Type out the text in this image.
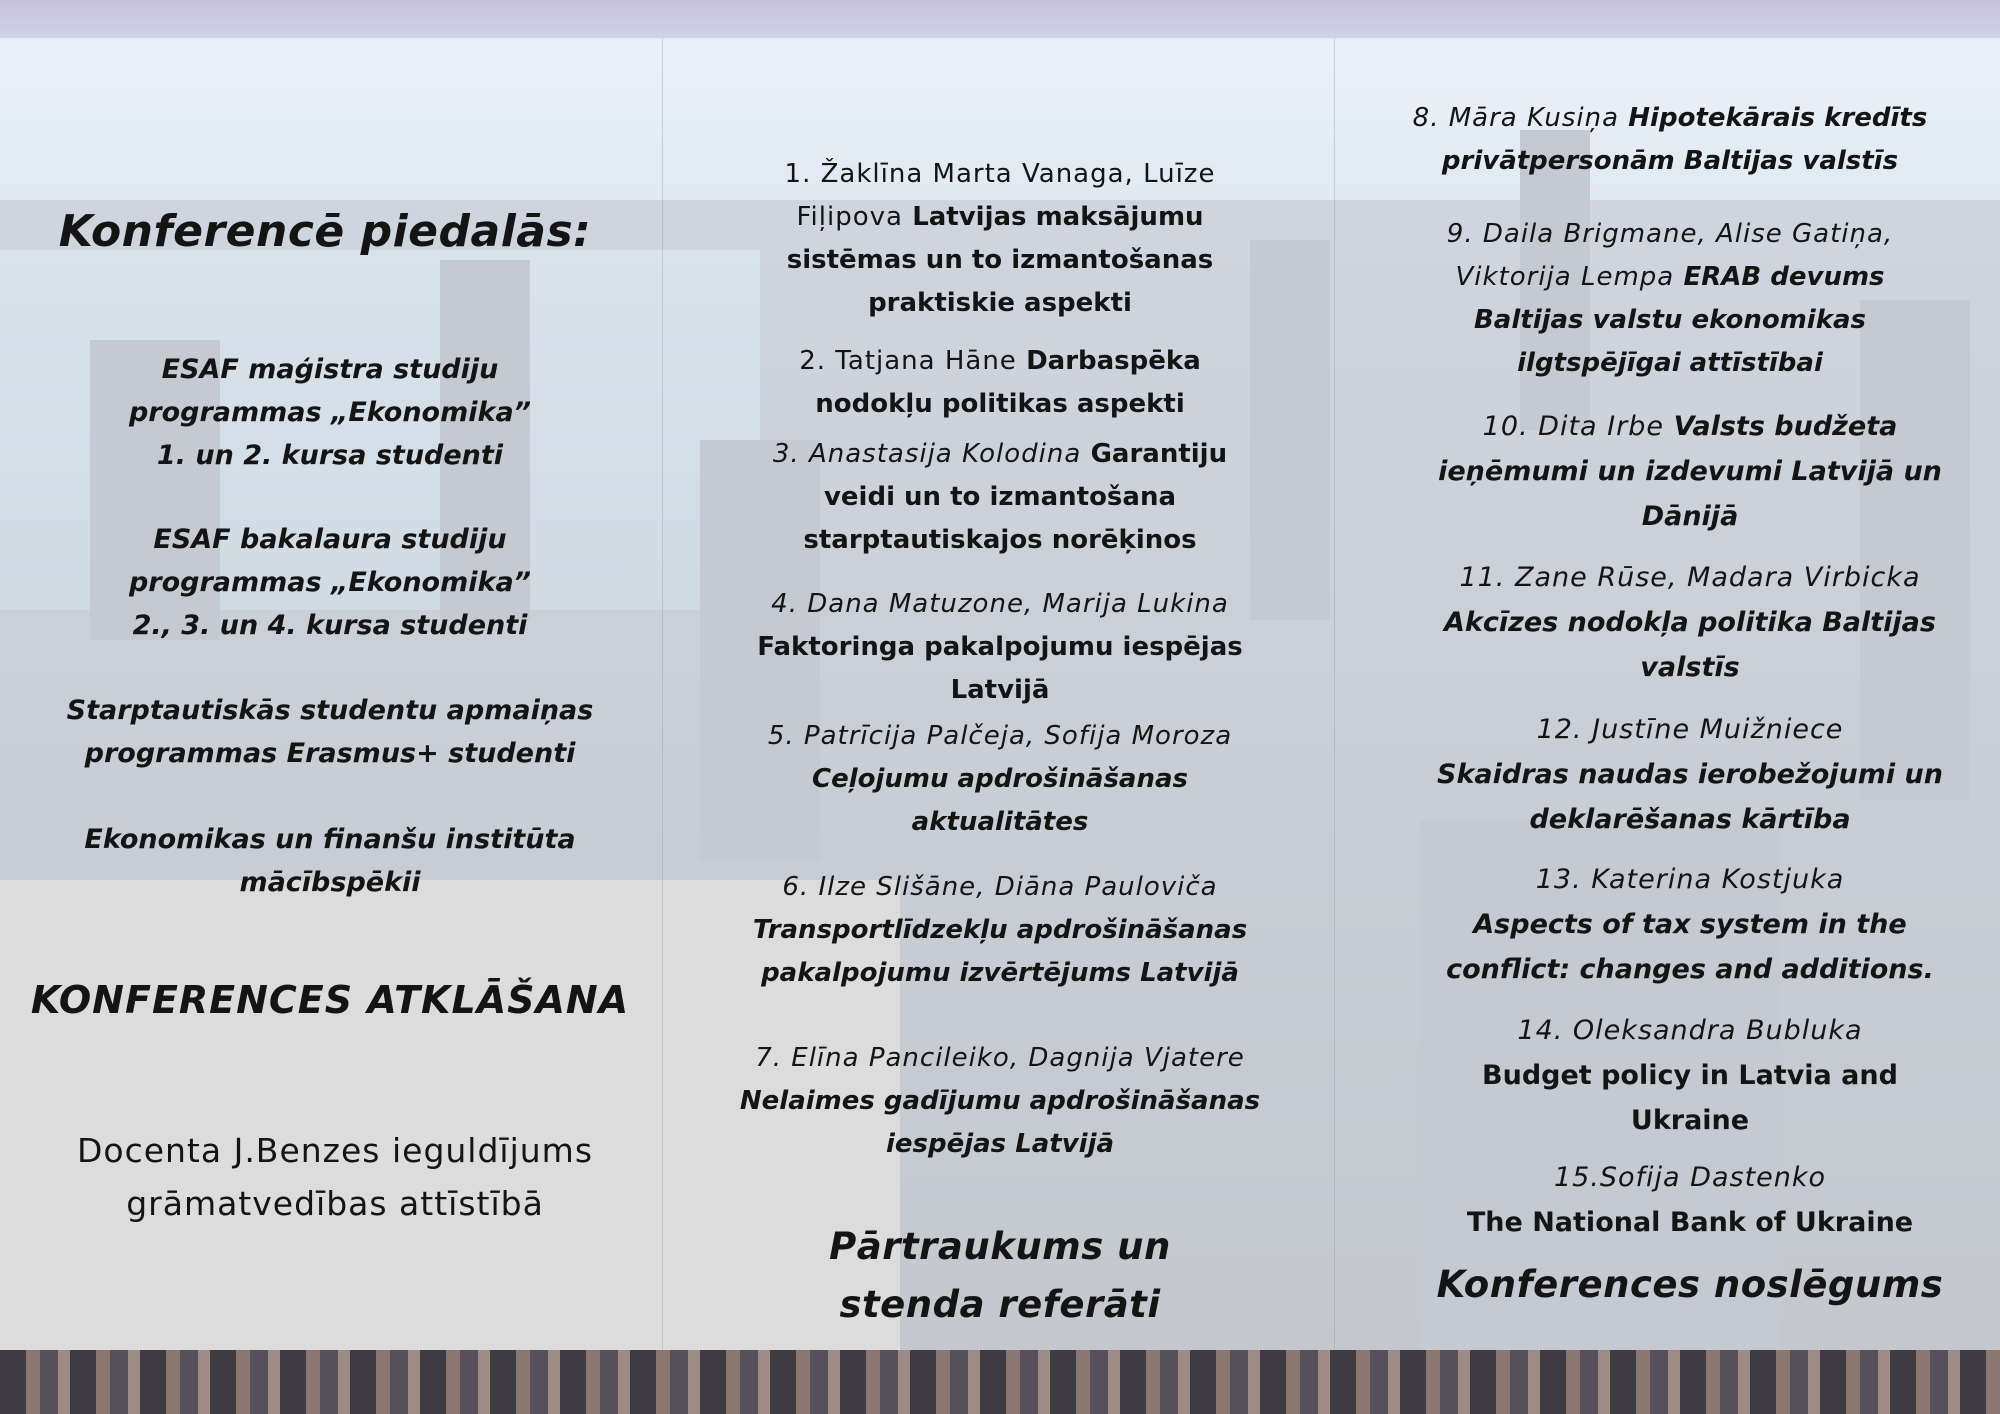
Konferencē piedalās:
ESAF maģistra studiju
programmas „Ekonomika”
1. un 2. kursa studenti
ESAF bakalaura studiju
programmas „Ekonomika”
2., 3. un 4. kursa studenti
Starptautiskās studentu apmaiņas
programmas Erasmus+ studenti
Ekonomikas un finanšu institūta
mācībspēkii
KONFERENCES ATKLĀŠANA
Docenta J.Benzes ieguldījums
grāmatvedības attīstībā
1. Žaklīna Marta Vanaga, Luīze
Fiļipova Latvijas maksājumu
sistēmas un to izmantošanas
praktiskie aspekti
2. Tatjana Hāne Darbaspēka
nodokļu politikas aspekti
3. Anastasija Kolodina Garantiju
veidi un to izmantošana
starptautiskajos norēķinos
4. Dana Matuzone, Marija Lukina
Faktoringa pakalpojumu iespējas
Latvijā
5. Patrīcija Palčeja, Sofija Moroza
Ceļojumu apdrošināšanas
aktualitātes
6. Ilze Slišāne, Diāna Pauloviča
Transportlīdzekļu apdrošināšanas
pakalpojumu izvērtējums Latvijā
7. Elīna Pancileiko, Dagnija Vjatere
Nelaimes gadījumu apdrošināšanas
iespējas Latvijā
Pārtraukums un
stenda referāti
8. Māra Kusiņa Hipotekārais kredīts
privātpersonām Baltijas valstīs
9. Daila Brigmane, Alise Gatiņa,
Viktorija Lempa ERAB devums
Baltijas valstu ekonomikas
ilgtspējīgai attīstībai
10. Dita Irbe Valsts budžeta
ieņēmumi un izdevumi Latvijā un
Dānijā
11. Zane Rūse, Madara Virbicka
Akcīzes nodokļa politika Baltijas
valstīs
12. Justīne Muižniece
Skaidras naudas ierobežojumi un
deklarēšanas kārtība
13. Katerina Kostjuka
Aspects of tax system in the
conflict: changes and additions.
14. Oleksandra Bubluka
Budget policy in Latvia and
Ukraine
15.Sofija Dastenko
The National Bank of Ukraine
Konferences noslēgums
